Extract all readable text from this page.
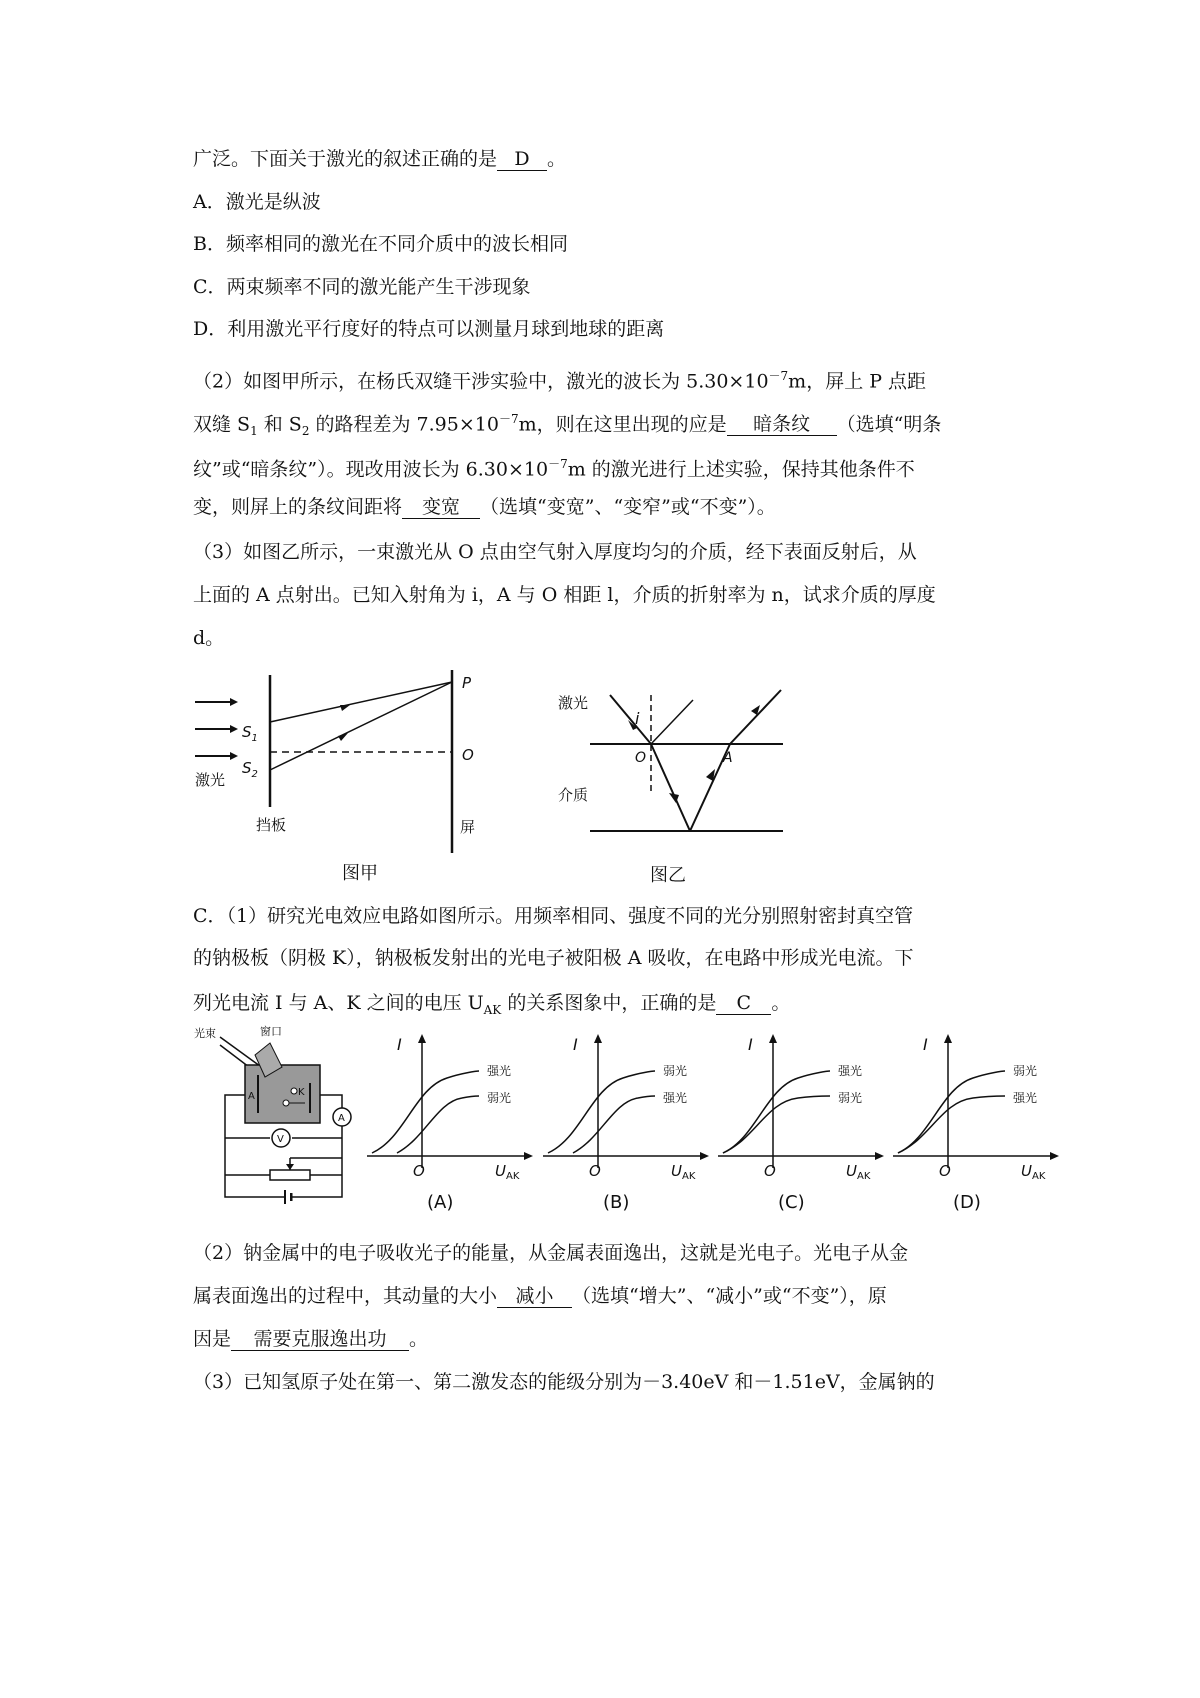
广泛。下面关于激光的叙述正确的是 D 。
A．激光是纵波
B．频率相同的激光在不同介质中的波长相同
C．两束频率不同的激光能产生干涉现象
D．利用激光平行度好的特点可以测量月球到地球的距离
（2）如图甲所示，在杨氏双缝干涉实验中，激光的波长为 $5.30\times 10^{-7}m$，屏上 P 点距
双缝 $S_1$ 和 $S_2$ 的路程差为 $7.95\times 10^{-7}m$，则在这里出现的应是 暗条纹 （选填“明条
纹”或“暗条纹”）。现改用波长为 $6.30\times 10^{-7}m$ 的激光进行上述实验，保持其他条件不
变，则屏上的条纹间距将 变宽 （选填“变宽”、“变窄”或“不变”）。
（3）如图乙所示，一束激光从 O 点由空气射入厚度均匀的介质，经下表面反射后，从
上面的 A 点射出。已知入射角为 i，A 与 O 相距 l，介质的折射率为 n，试求介质的厚度
d。
$S_1$
$S_2$
P
O
激光
挡板	屏
图甲
激光
i
O	A
介质
图乙
C．（1）研究光电效应电路如图所示。用频率相同、强度不同的光分别照射密封真空管
的钠极板（阴极 K），钠极板发射出的光电子被阳极 A 吸收，在电路中形成光电流。下
列光电流 I 与 A、K 之间的电压 $U_{AK}$ 的关系图象中，正确的是 C 。
光束	窗口
A	K
A
V
I
O	$U_{AK}$
强光
弱光
(A)
I
O	$U_{AK}$
弱光
强光
(B)
I
O	$U_{AK}$
强光
弱光
(C)
I
O	$U_{AK}$
弱光
强光
(D)
（2）钠金属中的电子吸收光子的能量，从金属表面逸出，这就是光电子。光电子从金
属表面逸出的过程中，其动量的大小 减小 （选填“增大”、“减小”或“不变”），原
因是 需要克服逸出功 。
（3）已知氢原子处在第一、第二激发态的能级分别为－3.40eV 和－1.51eV，金属钠的
